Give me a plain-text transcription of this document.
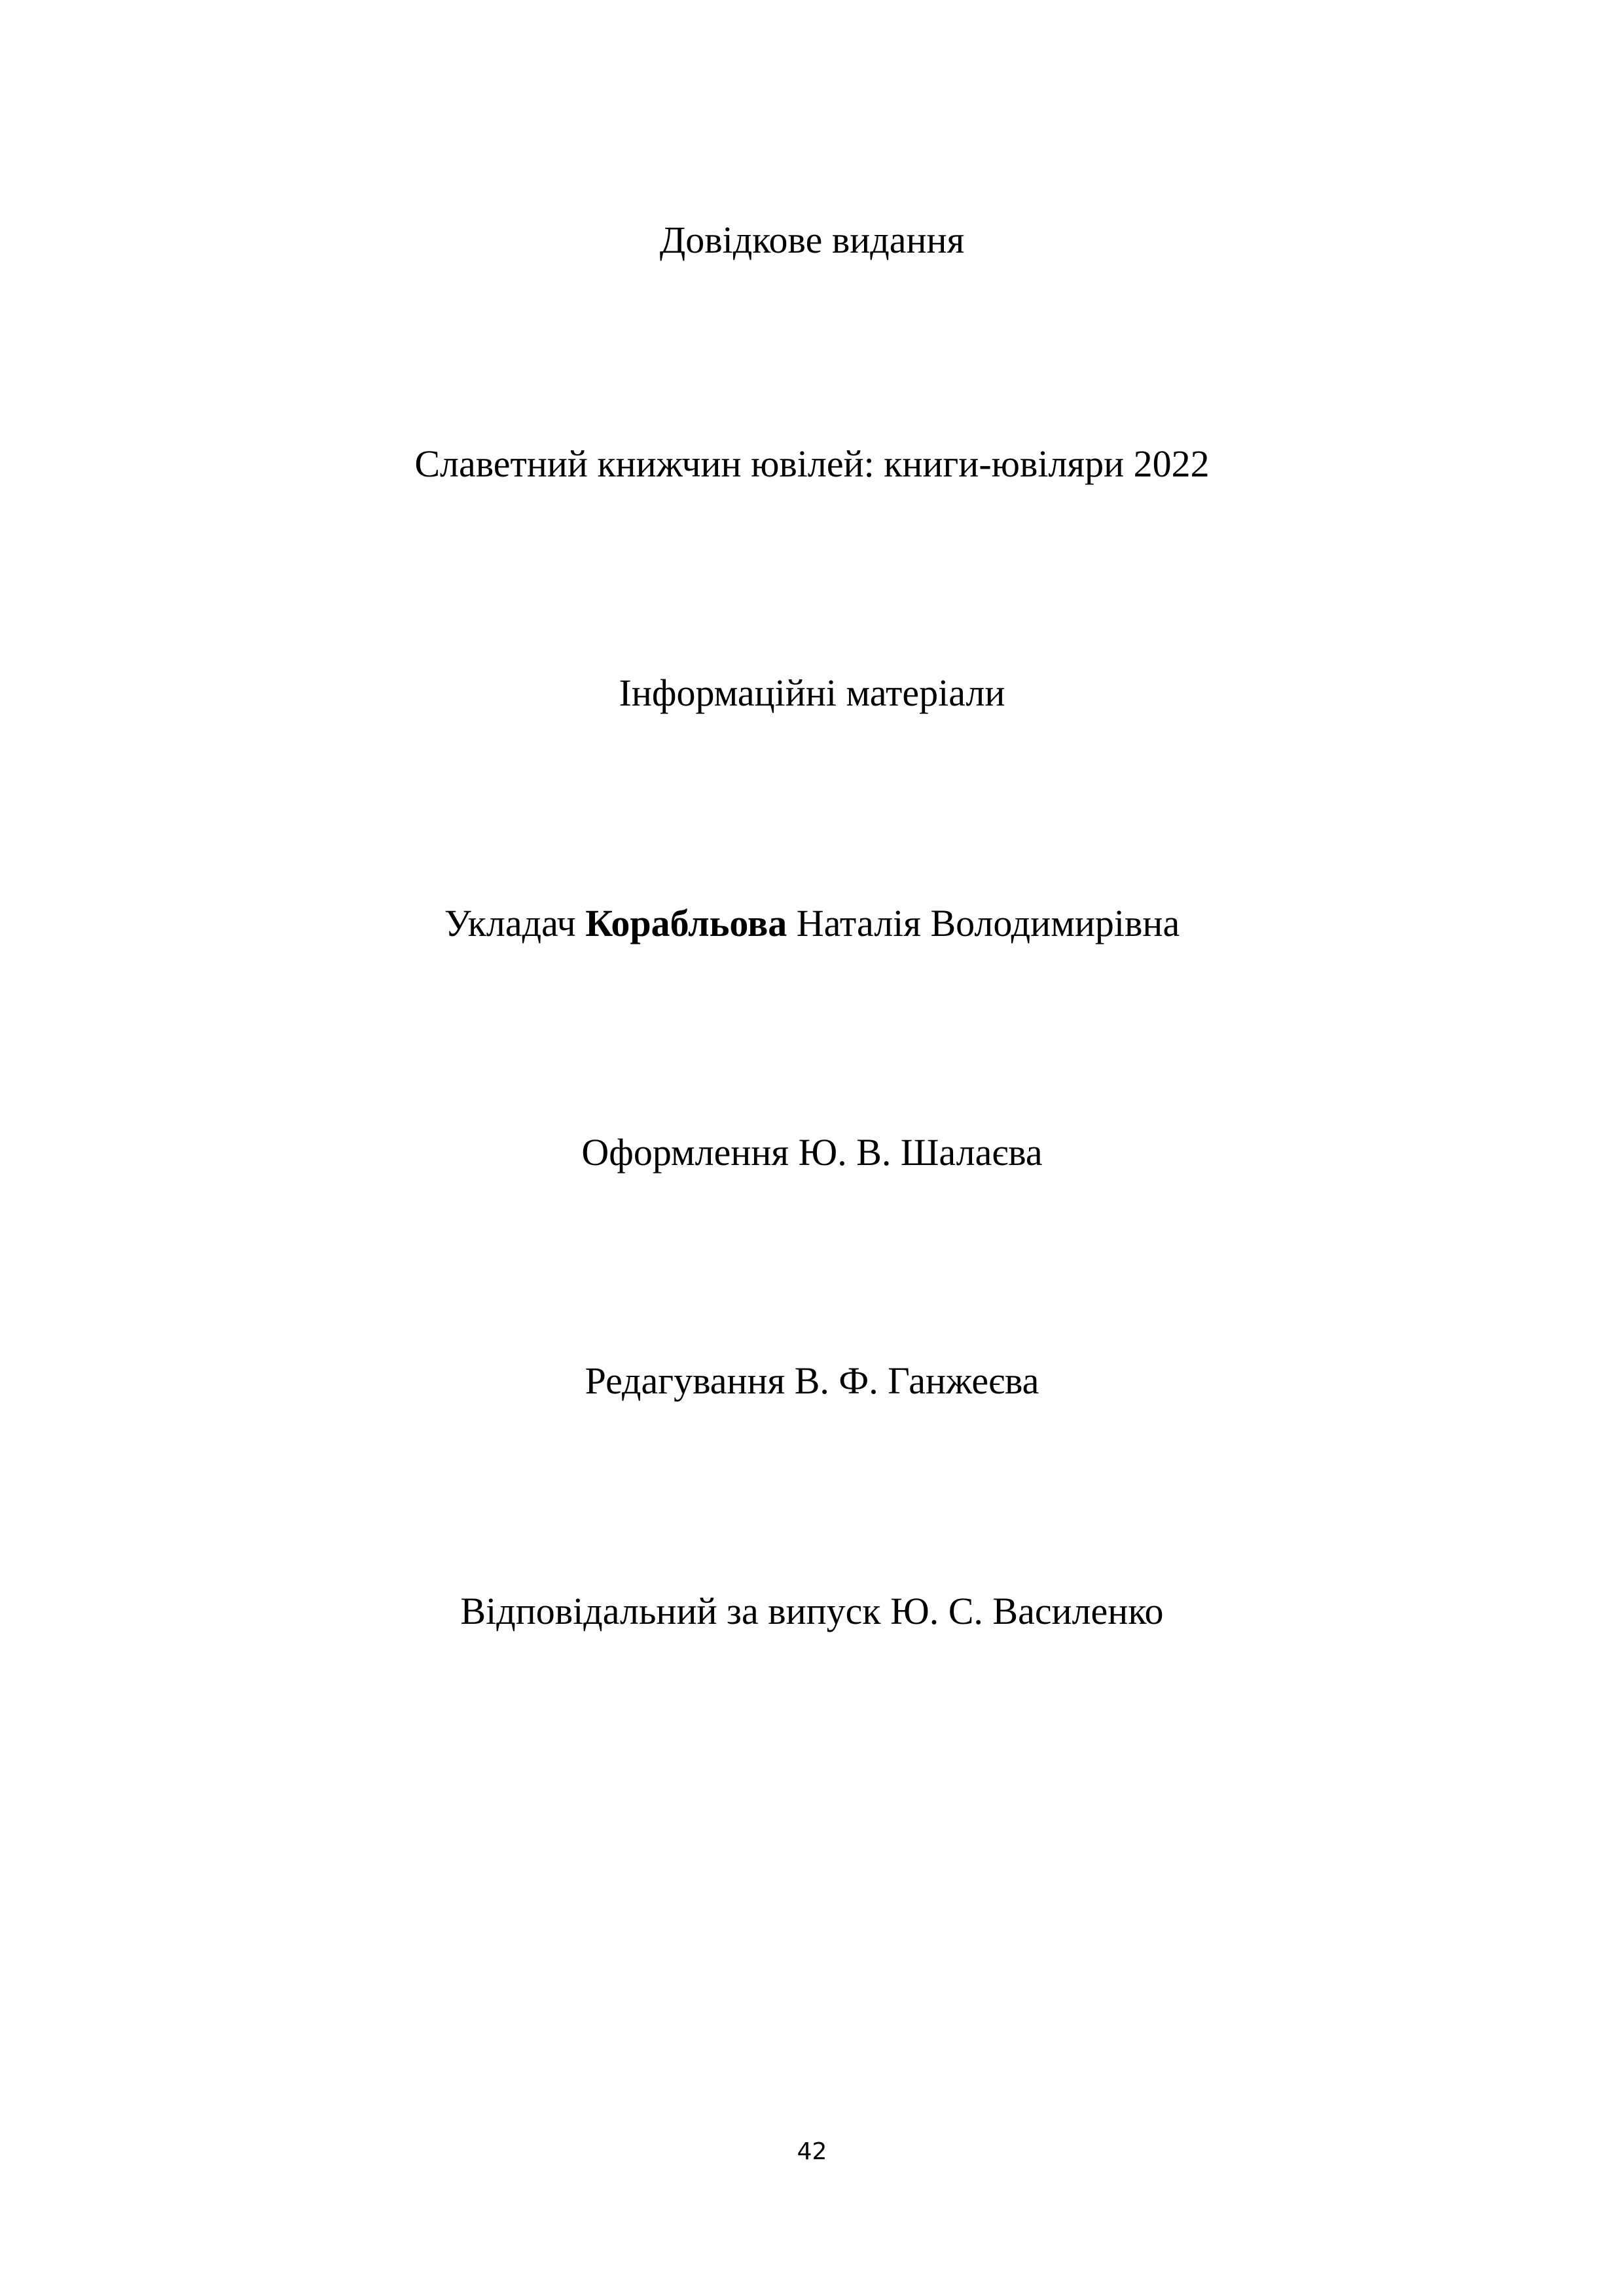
Довідкове видання
Славетний книжчин ювілей: книги-ювіляри 2022
Інформаційні матеріали
Укладач Корабльова Наталія Володимирівна
Оформлення Ю. В. Шалаєва
Редагування В. Ф. Ганжеєва
Відповідальний за випуск Ю. С. Василенко
42
